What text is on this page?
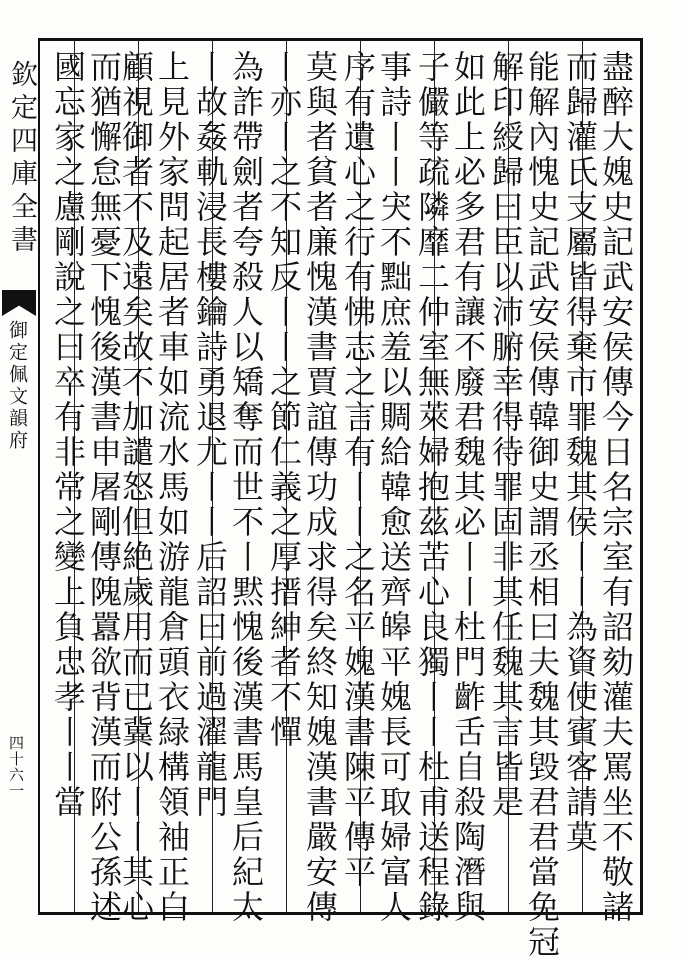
欽定四庫全書
御定佩文韻府
四十六一	盡醉大媿史記武安侯傳今日名宗室有詔劾灌夫罵坐不敬諸
而歸灌氏支屬皆得棄市罪魏其侯丨丨為資使賓客請莫
能解內愧史記武安侯傳韓御史謂丞相曰夫魏其毀君君當免冠
解印綬歸曰臣以沛腑幸得待罪固非其任魏其言皆是
如此上必多君有讓不廢君魏其必丨丨杜門齚舌自殺陶潛與
子儼等疏隣靡二仲室無萊婦抱茲苦心良獨丨丨杜甫送程錄
事詩丨丨宊不黜庶羞以賙給韓愈送齊皞平媿長可取婦富人
序有遺心之行有怫志之言有丨丨之名平媿漢書陳平傳平
莫與者貧者廉愧漢書賈誼傳功成求得矣終知媿漢書嚴安傳
丨亦丨之不知反丨丨之節仁義之厚搢紳者不憚
為詐帶劍者夸殺人以矯奪而世不丨黙愧後漢書馬皇后紀太
丨故姦軌浸長樓鑰詩勇退尤丨丨后詔曰前過濯龍門
上見外家問起居者車如流水馬如游龍倉頭衣緑構領袖正白
顧視御者不及遠矣故不加譴怒但絶歲用而已冀以丨丨其心
而猶懈怠無憂下愧後漢書申屠剛傳隗囂欲背漢而附公孫述
國忘家之慮剛說之曰卒有非常之變上負忠孝丨丨當
